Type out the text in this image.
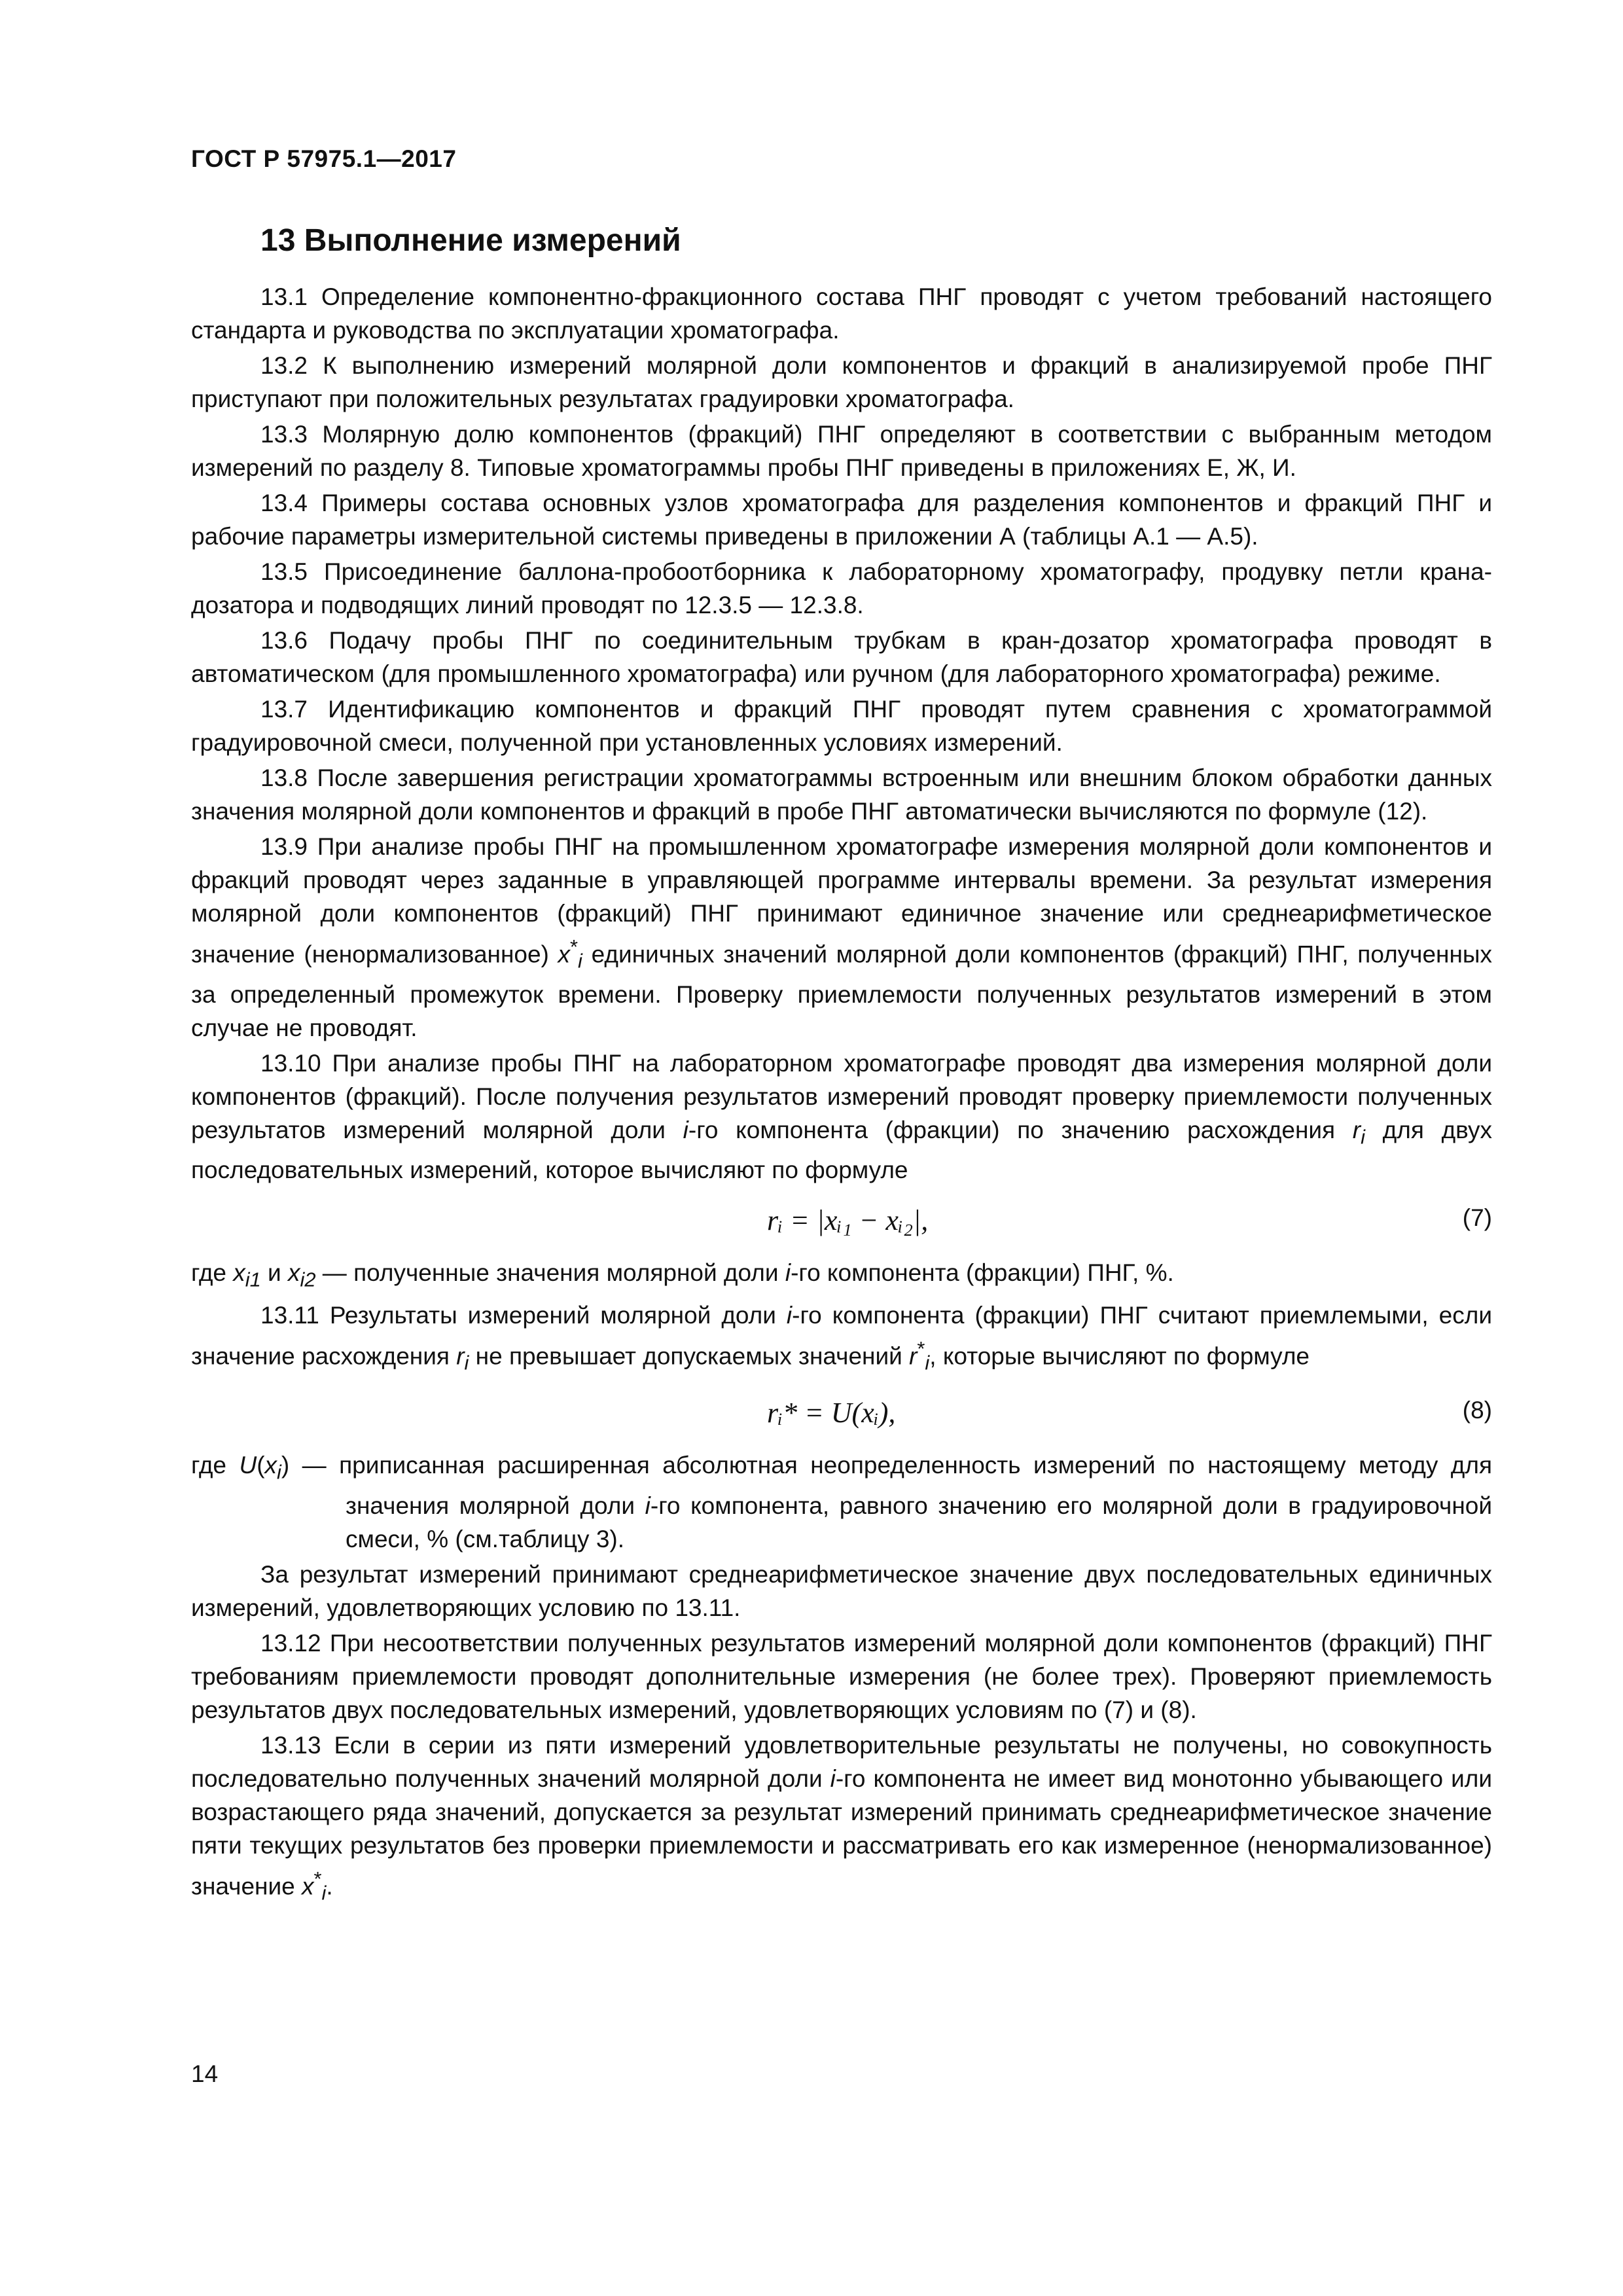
ГОСТ Р 57975.1—2017
13 Выполнение измерений

13.1 Определение компонентно-фракционного состава ПНГ проводят с учетом требований настоящего стандарта и руководства по эксплуатации хроматографа.

13.2 К выполнению измерений молярной доли компонентов и фракций в анализируемой пробе ПНГ приступают при положительных результатах градуировки хроматографа.

13.3 Молярную долю компонентов (фракций) ПНГ определяют в соответствии с выбранным методом измерений по разделу 8. Типовые хроматограммы пробы ПНГ приведены в приложениях Е, Ж, И.

13.4 Примеры состава основных узлов хроматографа для разделения компонентов и фракций ПНГ и рабочие параметры измерительной системы приведены в приложении А (таблицы А.1 — А.5).

13.5 Присоединение баллона-пробоотборника к лабораторному хроматографу, продувку петли крана-дозатора и подводящих линий проводят по 12.3.5 — 12.3.8.

13.6 Подачу пробы ПНГ по соединительным трубкам в кран-дозатор хроматографа проводят в автоматическом (для промышленного хроматографа) или ручном (для лабораторного хроматографа) режиме.

13.7 Идентификацию компонентов и фракций ПНГ проводят путем сравнения с хроматограммой градуировочной смеси, полученной при установленных условиях измерений.

13.8 После завершения регистрации хроматограммы встроенным или внешним блоком обработки данных значения молярной доли компонентов и фракций в пробе ПНГ автоматически вычисляются по формуле (12).

13.9 При анализе пробы ПНГ на промышленном хроматографе измерения молярной доли компонентов и фракций проводят через заданные в управляющей программе интервалы времени. За результат измерения молярной доли компонентов (фракций) ПНГ принимают единичное значение или среднеарифметическое значение (ненормализованное) $x^*_i$ единичных значений молярной доли компонентов (фракций) ПНГ, полученных за определенный промежуток времени. Проверку приемлемости полученных результатов измерений в этом случае не проводят.

13.10 При анализе пробы ПНГ на лабораторном хроматографе проводят два измерения молярной доли компонентов (фракций). После получения результатов измерений проводят проверку приемлемости полученных результатов измерений молярной доли i-го компонента (фракции) по значению расхождения $r_i$ для двух последовательных измерений, которое вычисляют по формуле

rᵢ = |xᵢ₁ − xᵢ₂|,	(7)

где $x_{i1}$ и $x_{i2}$ — полученные значения молярной доли i-го компонента (фракции) ПНГ, %.

13.11 Результаты измерений молярной доли i-го компонента (фракции) ПНГ считают приемлемыми, если значение расхождения $r_i$ не превышает допускаемых значений $r^*_i$, которые вычисляют по формуле

rᵢ* = U(xᵢ),	(8)

где $U(x_i)$ — приписанная расширенная абсолютная неопределенность измерений по настоящему методу для значения молярной доли i-го компонента, равного значению его молярной доли в градуировочной смеси, % (см.таблицу 3).

За результат измерений принимают среднеарифметическое значение двух последовательных единичных измерений, удовлетворяющих условию по 13.11.

13.12 При несоответствии полученных результатов измерений молярной доли компонентов (фракций) ПНГ требованиям приемлемости проводят дополнительные измерения (не более трех). Проверяют приемлемость результатов двух последовательных измерений, удовлетворяющих условиям по (7) и (8).

13.13 Если в серии из пяти измерений удовлетворительные результаты не получены, но совокупность последовательно полученных значений молярной доли i-го компонента не имеет вид монотонно убывающего или возрастающего ряда значений, допускается за результат измерений принимать среднеарифметическое значение пяти текущих результатов без проверки приемлемости и рассматривать его как измеренное (ненормализованное) значение $x^*_i$.

14
